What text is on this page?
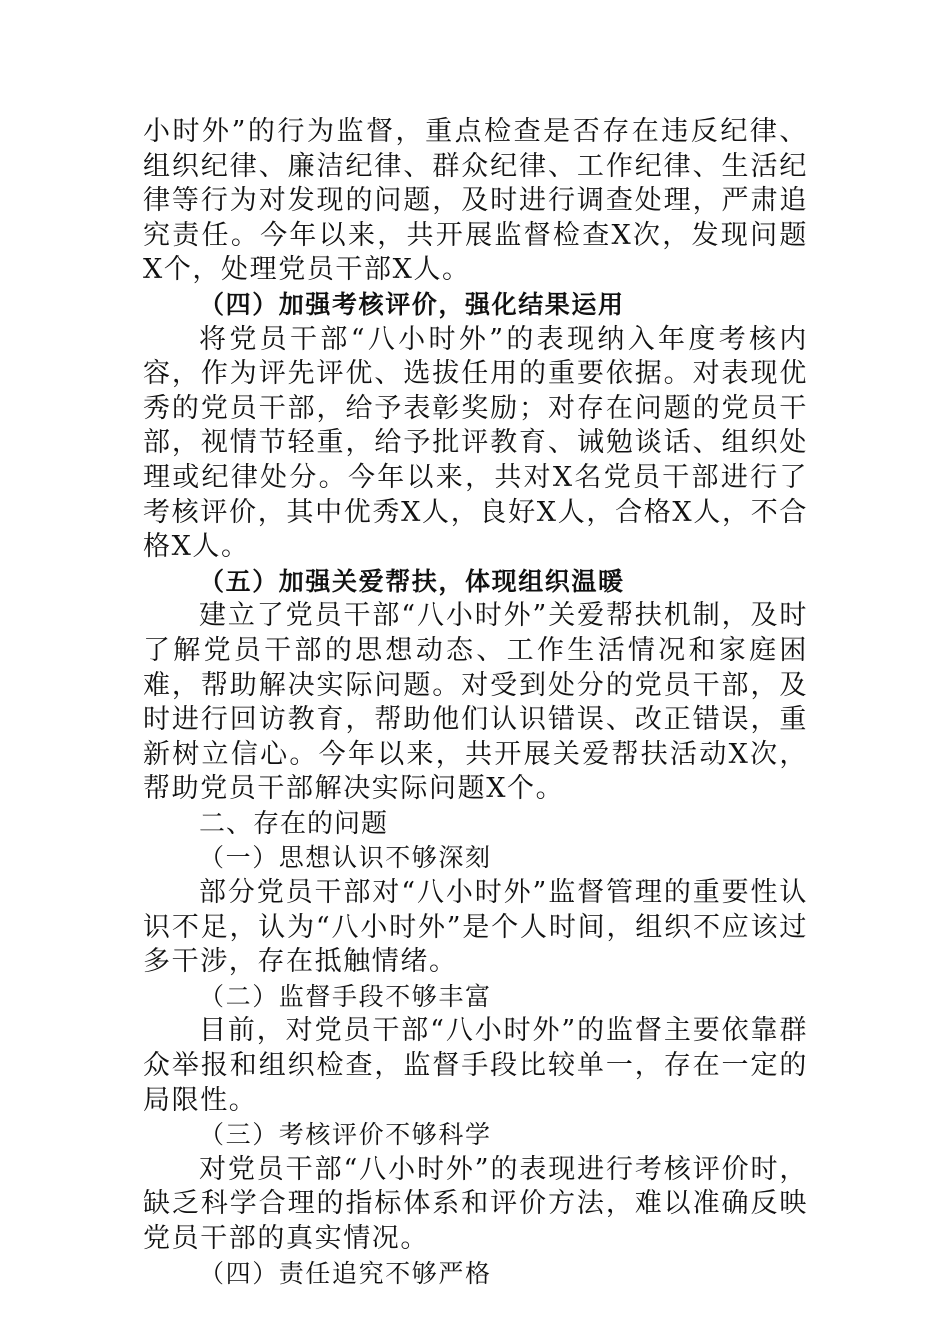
小时外”的行为监督，重点检查是否存在违反纪律、组织纪律、廉洁纪律、群众纪律、工作纪律、生活纪律等行为对发现的问题，及时进行调查处理，严肃追究责任。今年以来，共开展监督检查X次，发现问题X个，处理党员干部X人。

（四）加强考核评价，强化结果运用

将党员干部“八小时外”的表现纳入年度考核内容，作为评先评优、选拔任用的重要依据。对表现优秀的党员干部，给予表彰奖励；对存在问题的党员干部，视情节轻重，给予批评教育、诫勉谈话、组织处理或纪律处分。今年以来，共对X名党员干部进行了考核评价，其中优秀X人，良好X人，合格X人，不合格X人。

（五）加强关爱帮扶，体现组织温暖

建立了党员干部“八小时外”关爱帮扶机制，及时了解党员干部的思想动态、工作生活情况和家庭困难，帮助解决实际问题。对受到处分的党员干部，及时进行回访教育，帮助他们认识错误、改正错误，重新树立信心。今年以来，共开展关爱帮扶活动X次，帮助党员干部解决实际问题X个。

二、存在的问题

（一）思想认识不够深刻

部分党员干部对“八小时外”监督管理的重要性认识不足，认为“八小时外”是个人时间，组织不应该过多干涉，存在抵触情绪。

（二）监督手段不够丰富

目前，对党员干部“八小时外”的监督主要依靠群众举报和组织检查，监督手段比较单一，存在一定的局限性。

（三）考核评价不够科学

对党员干部“八小时外”的表现进行考核评价时，缺乏科学合理的指标体系和评价方法，难以准确反映党员干部的真实情况。

（四）责任追究不够严格
